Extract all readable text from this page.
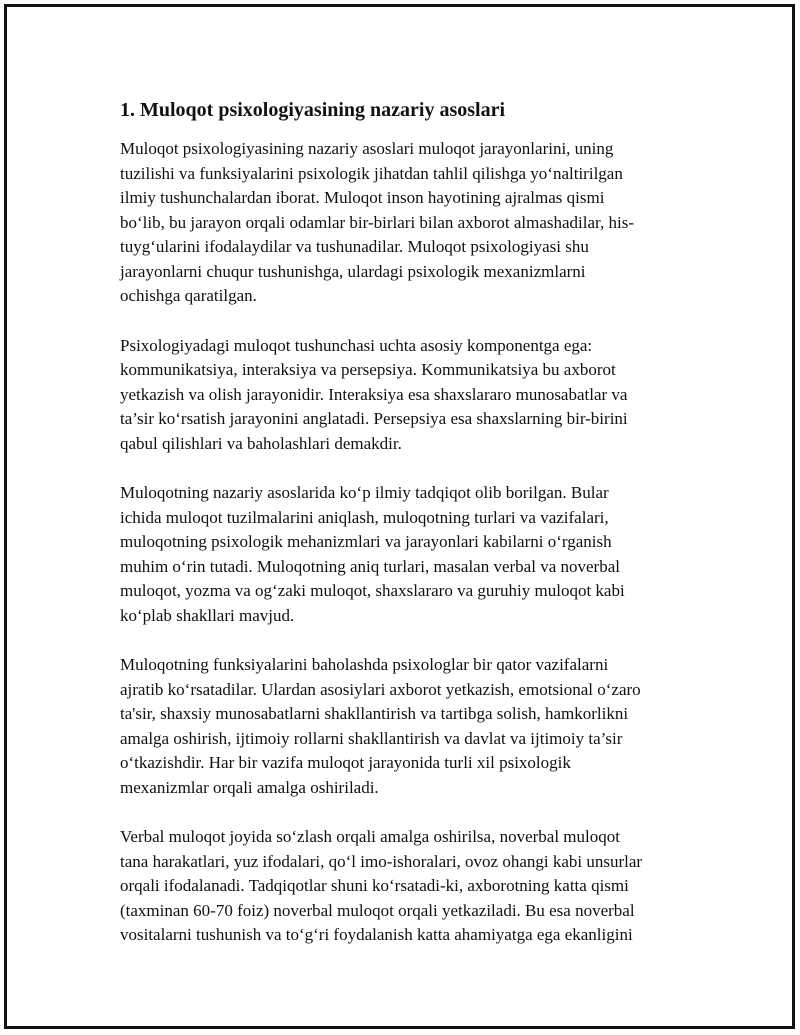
1. Muloqot psixologiyasining nazariy asoslari

Muloqot psixologiyasining nazariy asoslari muloqot jarayonlarini, uning
tuzilishi va funksiyalarini psixologik jihatdan tahlil qilishga yo‘naltirilgan
ilmiy tushunchalardan iborat. Muloqot inson hayotining ajralmas qismi
bo‘lib, bu jarayon orqali odamlar bir-birlari bilan axborot almashadilar, his-
tuyg‘ularini ifodalaydilar va tushunadilar. Muloqot psixologiyasi shu
jarayonlarni chuqur tushunishga, ulardagi psixologik mexanizmlarni
ochishga qaratilgan.

Psixologiyadagi muloqot tushunchasi uchta asosiy komponentga ega:
kommunikatsiya, interaksiya va persepsiya. Kommunikatsiya bu axborot
yetkazish va olish jarayonidir. Interaksiya esa shaxslararo munosabatlar va
ta’sir ko‘rsatish jarayonini anglatadi. Persepsiya esa shaxslarning bir-birini
qabul qilishlari va baholashlari demakdir.

Muloqotning nazariy asoslarida ko‘p ilmiy tadqiqot olib borilgan. Bular
ichida muloqot tuzilmalarini aniqlash, muloqotning turlari va vazifalari,
muloqotning psixologik mehanizmlari va jarayonlari kabilarni o‘rganish
muhim o‘rin tutadi. Muloqotning aniq turlari, masalan verbal va noverbal
muloqot, yozma va og‘zaki muloqot, shaxslararo va guruhiy muloqot kabi
ko‘plab shakllari mavjud.

Muloqotning funksiyalarini baholashda psixologlar bir qator vazifalarni
ajratib ko‘rsatadilar. Ulardan asosiylari axborot yetkazish, emotsional o‘zaro
ta'sir, shaxsiy munosabatlarni shakllantirish va tartibga solish, hamkorlikni
amalga oshirish, ijtimoiy rollarni shakllantirish va davlat va ijtimoiy ta’sir
o‘tkazishdir. Har bir vazifa muloqot jarayonida turli xil psixologik
mexanizmlar orqali amalga oshiriladi.

Verbal muloqot joyida so‘zlash orqali amalga oshirilsa, noverbal muloqot
tana harakatlari, yuz ifodalari, qo‘l imo-ishoralari, ovoz ohangi kabi unsurlar
orqali ifodalanadi. Tadqiqotlar shuni ko‘rsatadi-ki, axborotning katta qismi
(taxminan 60-70 foiz) noverbal muloqot orqali yetkaziladi. Bu esa noverbal
vositalarni tushunish va to‘g‘ri foydalanish katta ahamiyatga ega ekanligini
